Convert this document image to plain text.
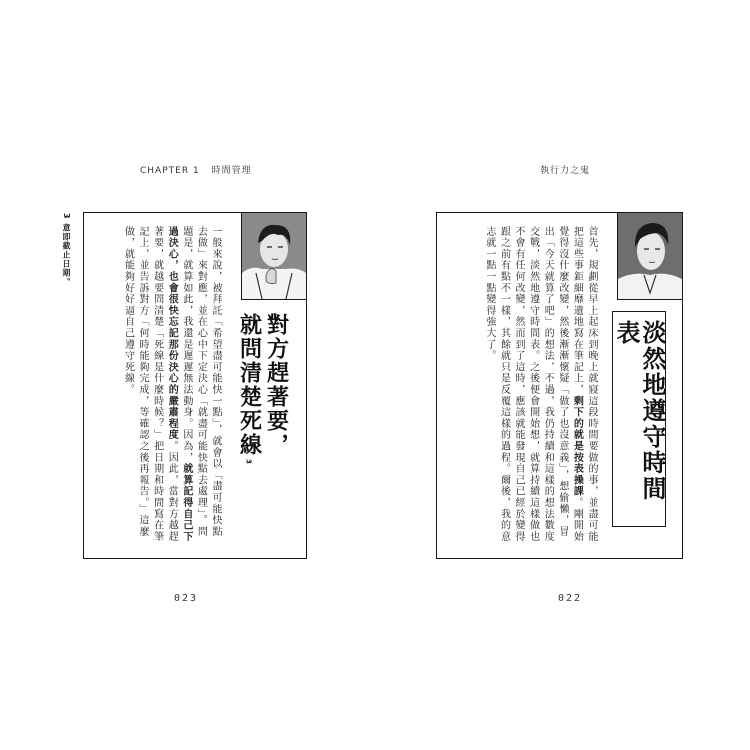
CHAPTER 1 時間管理
3 意即截止日期。
對方趕著要，
就問清楚死線3
一般來說，被拜託「希望盡可能快一點」，就會以「盡可能快點去做」來對應，並在心中下定決心「就盡可能快點去處理」。問題是，就算如此，我還是遲遲無法動身。因為，就算記得自己下過決心，也會很快忘記那份決心的嚴肅程度。因此，當對方越趕著要，就越要問清楚「死線是什麼時候？」把日期和時間寫在筆記上，並告訴對方「何時能夠完成，等確認之後再報告。」這麼做，就能夠好好逼自己遵守死線。
023
執行力之鬼
淡然地遵守時間表
首先，規劃從早上起床到晚上就寢這段時間要做的事，並盡可能把這些事鉅細靡遺地寫在筆記上，剩下的就是按表操課。剛開始覺得沒什麼改變，然後漸漸懷疑「做了也沒意義」，想偷懶，冒出「今天就算了吧」的想法，不過，我仍持續和這樣的想法數度交戰，淡然地遵守時間表。之後便會開始想，就算持續這樣做也不會有任何改變，然而到了這時，應該就能發現自己已經於變得跟之前有點不一樣，其餘就只是反覆這樣的過程。爾後，我的意志就一點一點變得強大了。
022
